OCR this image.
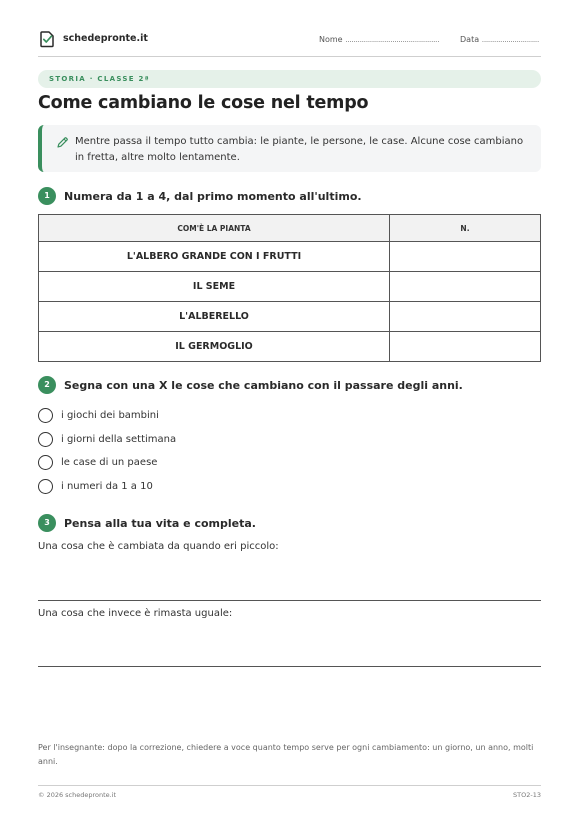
schedepronte.it	Nome ..............................................	Data ............................
STORIA · CLASSE 2ª
Come cambiano le cose nel tempo

Mentre passa il tempo tutto cambia: le piante, le persone, le case. Alcune cose cambiano in fretta, altre molto lentamente.

1	Numera da 1 a 4, dal primo momento all'ultimo.
COM'È LA PIANTA	N.
L'ALBERO GRANDE CON I FRUTTI	
IL SEME	
L'ALBERELLO	
IL GERMOGLIO	
2	Segna con una X le cose che cambiano con il passare degli anni.
i giochi dei bambini
i giorni della settimana
le case di un paese
i numeri da 1 a 10
3	Pensa alla tua vita e completa.

Una cosa che è cambiata da quando eri piccolo:

Una cosa che invece è rimasta uguale:

Per l'insegnante: dopo la correzione, chiedere a voce quanto tempo serve per ogni cambiamento: un giorno, un anno, molti anni.

© 2026 schedepronte.it	STO2-13
